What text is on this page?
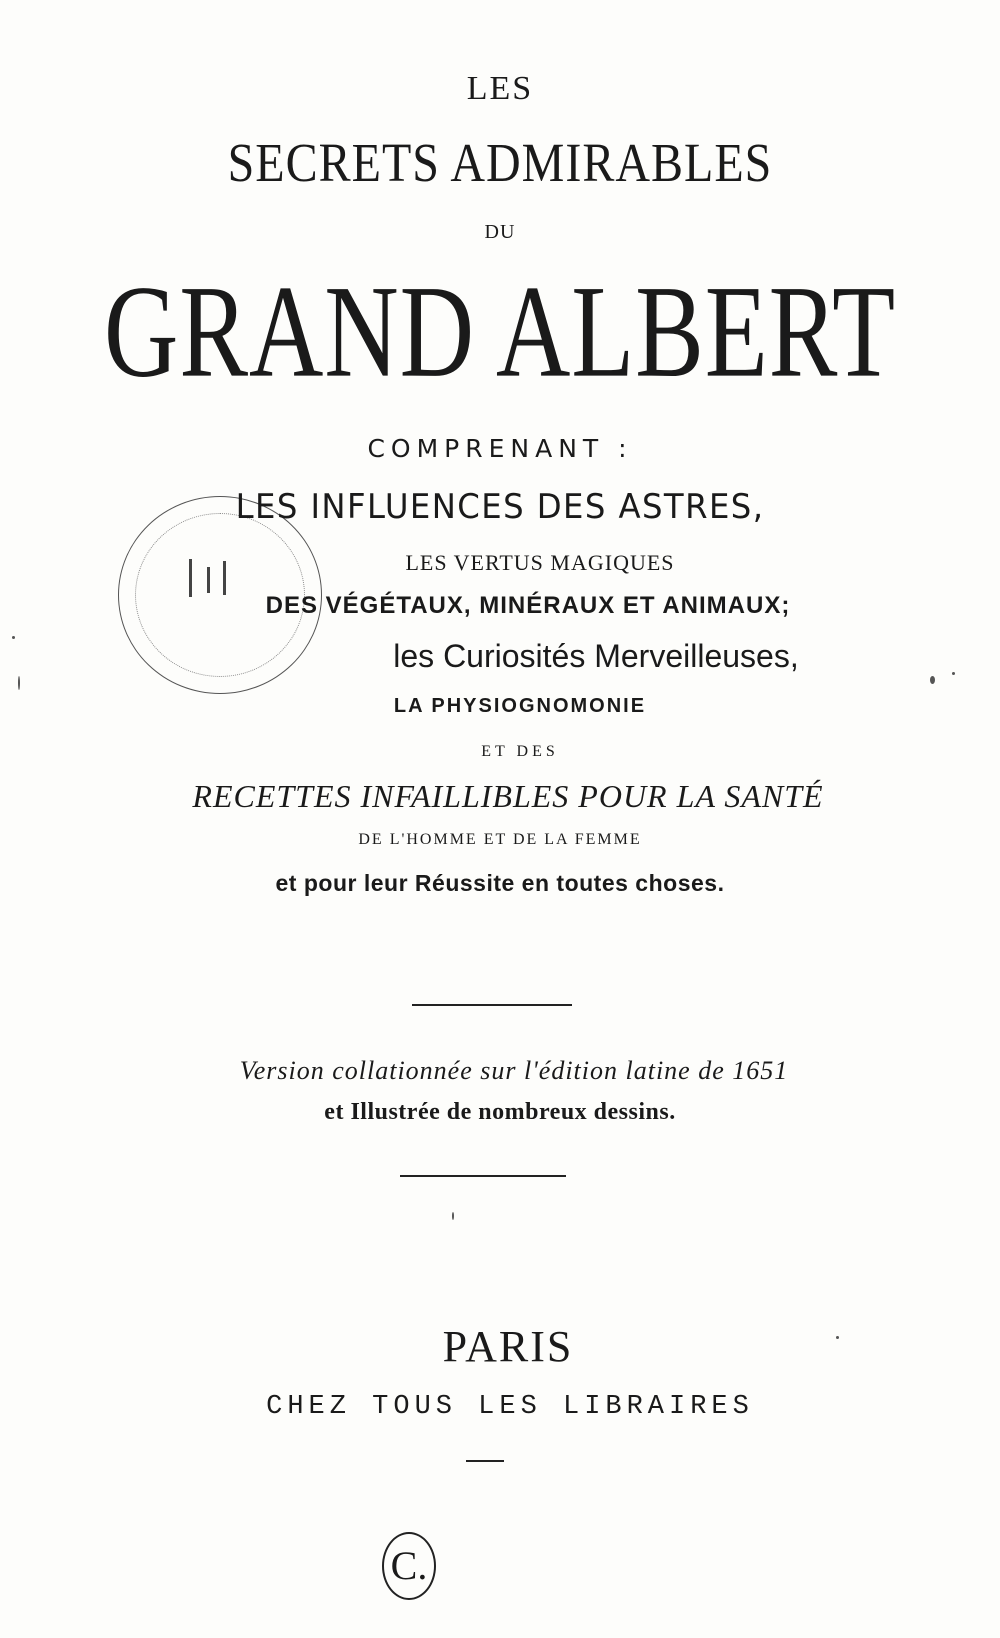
LES
SECRETS ADMIRABLES
DU
GRAND ALBERT
COMPRENANT :
LES INFLUENCES DES ASTRES,
LES VERTUS MAGIQUES
DES VÉGÉTAUX, MINÉRAUX ET ANIMAUX;
les Curiosités Merveilleuses,
LA PHYSIOGNOMONIE
ET DES
RECETTES INFAILLIBLES POUR LA SANTÉ
DE L'HOMME ET DE LA FEMME
et pour leur Réussite en toutes choses.
Version collationnée sur l'édition latine de 1651
et Illustrée de nombreux dessins.
PARIS
CHEZ TOUS LES LIBRAIRES
C.
